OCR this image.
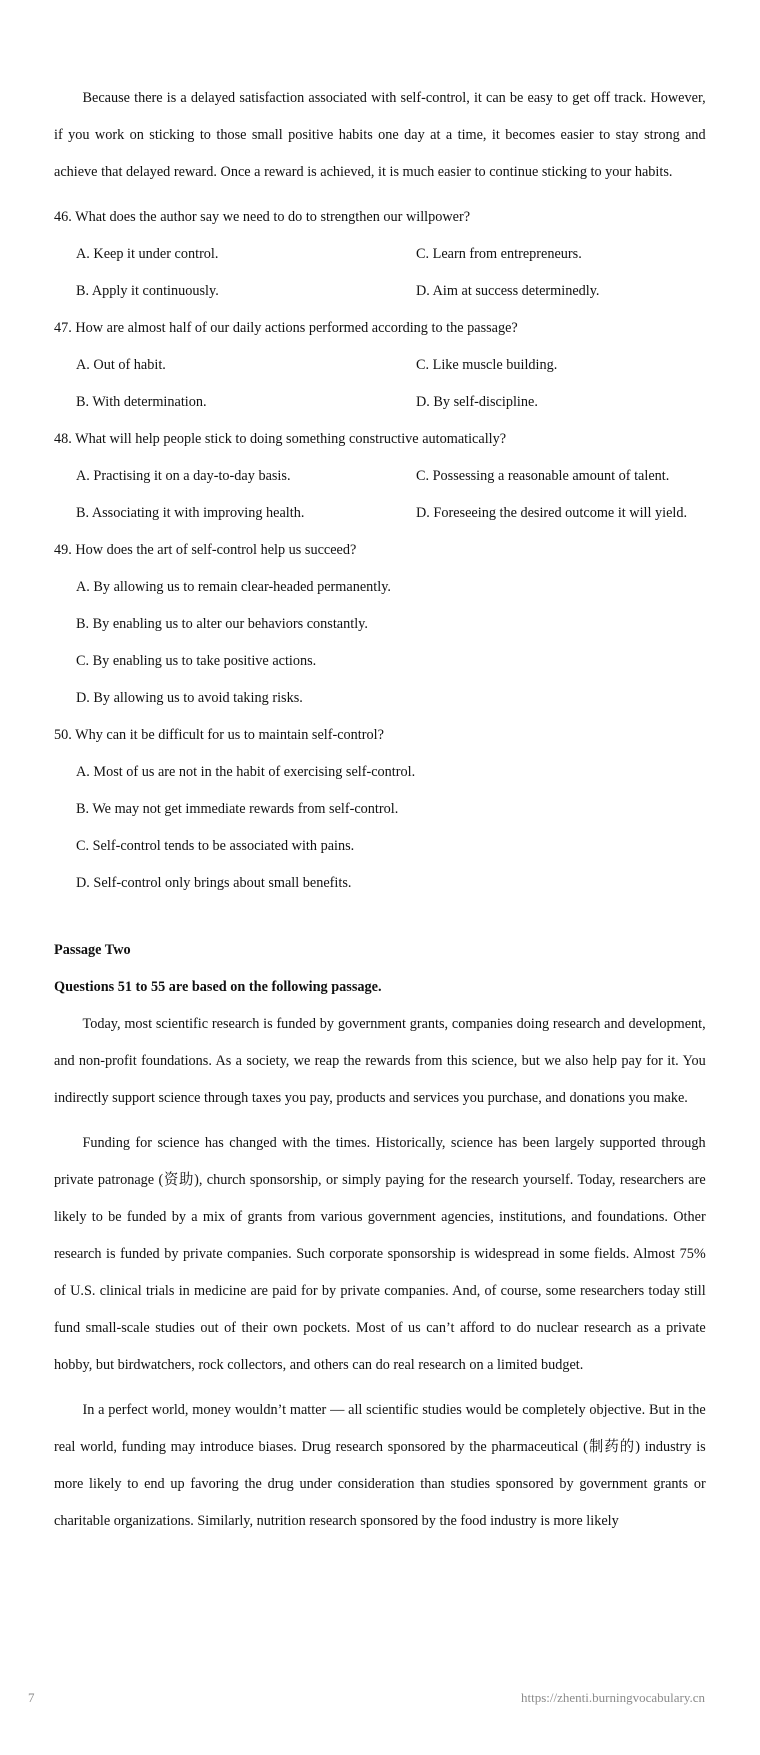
Because there is a delayed satisfaction associated with self-control, it can be easy to get off track. However, if you work on sticking to those small positive habits one day at a time, it becomes easier to stay strong and achieve that delayed reward. Once a reward is achieved, it is much easier to continue sticking to your habits.

46. What does the author say we need to do to strengthen our willpower?

A. Keep it under control.	C. Learn from entrepreneurs.
B. Apply it continuously.	D. Aim at success determinedly.

47. How are almost half of our daily actions performed according to the passage?

A. Out of habit.	C. Like muscle building.
B. With determination.	D. By self-discipline.

48. What will help people stick to doing something constructive automatically?

A. Practising it on a day-to-day basis.	C. Possessing a reasonable amount of talent.
B. Associating it with improving health.	D. Foreseeing the desired outcome it will yield.

49. How does the art of self-control help us succeed?

A. By allowing us to remain clear-headed permanently.
B. By enabling us to alter our behaviors constantly.
C. By enabling us to take positive actions.
D. By allowing us to avoid taking risks.

50. Why can it be difficult for us to maintain self-control?

A. Most of us are not in the habit of exercising self-control.
B. We may not get immediate rewards from self-control.
C. Self-control tends to be associated with pains.
D. Self-control only brings about small benefits.

Passage Two

Questions 51 to 55 are based on the following passage.

Today, most scientific research is funded by government grants, companies doing research and development, and non-profit foundations. As a society, we reap the rewards from this science, but we also help pay for it. You indirectly support science through taxes you pay, products and services you purchase, and donations you make.

Funding for science has changed with the times. Historically, science has been largely supported through private patronage (资助), church sponsorship, or simply paying for the research yourself. Today, researchers are likely to be funded by a mix of grants from various government agencies, institutions, and foundations. Other research is funded by private companies. Such corporate sponsorship is widespread in some fields. Almost 75% of U.S. clinical trials in medicine are paid for by private companies. And, of course, some researchers today still fund small-scale studies out of their own pockets. Most of us can’t afford to do nuclear research as a private hobby, but birdwatchers, rock collectors, and others can do real research on a limited budget.

In a perfect world, money wouldn’t matter — all scientific studies would be completely objective. But in the real world, funding may introduce biases. Drug research sponsored by the pharmaceutical (制药的) industry is more likely to end up favoring the drug under consideration than studies sponsored by government grants or charitable organizations. Similarly, nutrition research sponsored by the food industry is more likely

7	https://zhenti.burningvocabulary.cn
